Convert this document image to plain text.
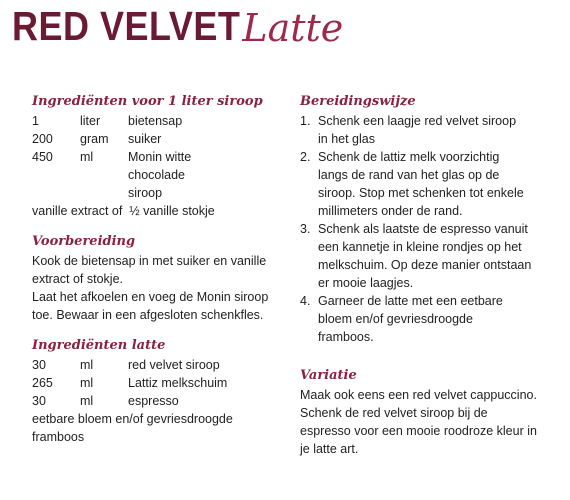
RED VELVET Latte
Ingrediënten voor 1 liter siroop
1	liter	bietensap
200	gram	suiker
450	ml	Monin witte chocolade siroop
vanille extract of  ½ vanille stokje
Voorbereiding

Kook de bietensap in met suiker en vanille extract of stokje.

Laat het afkoelen en voeg de Monin siroop toe. Bewaar in een afgesloten schenkfles.

Ingrediënten latte
30	ml	red velvet siroop
265	ml	Lattiz melkschuim
30	ml	espresso

eetbare bloem en/of gevriesdroogde framboos

Bereidingswijze
1. Schenk een laagje red velvet siroop in het glas
2. Schenk de lattiz melk voorzichtig langs de rand van het glas op de siroop. Stop met schenken tot enkele millimeters onder de rand.
3. Schenk als laatste de espresso vanuit een kannetje in kleine rondjes op het melkschuim. Op deze manier ontstaan er mooie laagjes.
4. Garneer de latte met een eetbare bloem en/of gevriesdroogde framboos.
Variatie

Maak ook eens een red velvet cappuccino. Schenk de red velvet siroop bij de espresso voor een mooie roodroze kleur in je latte art.
